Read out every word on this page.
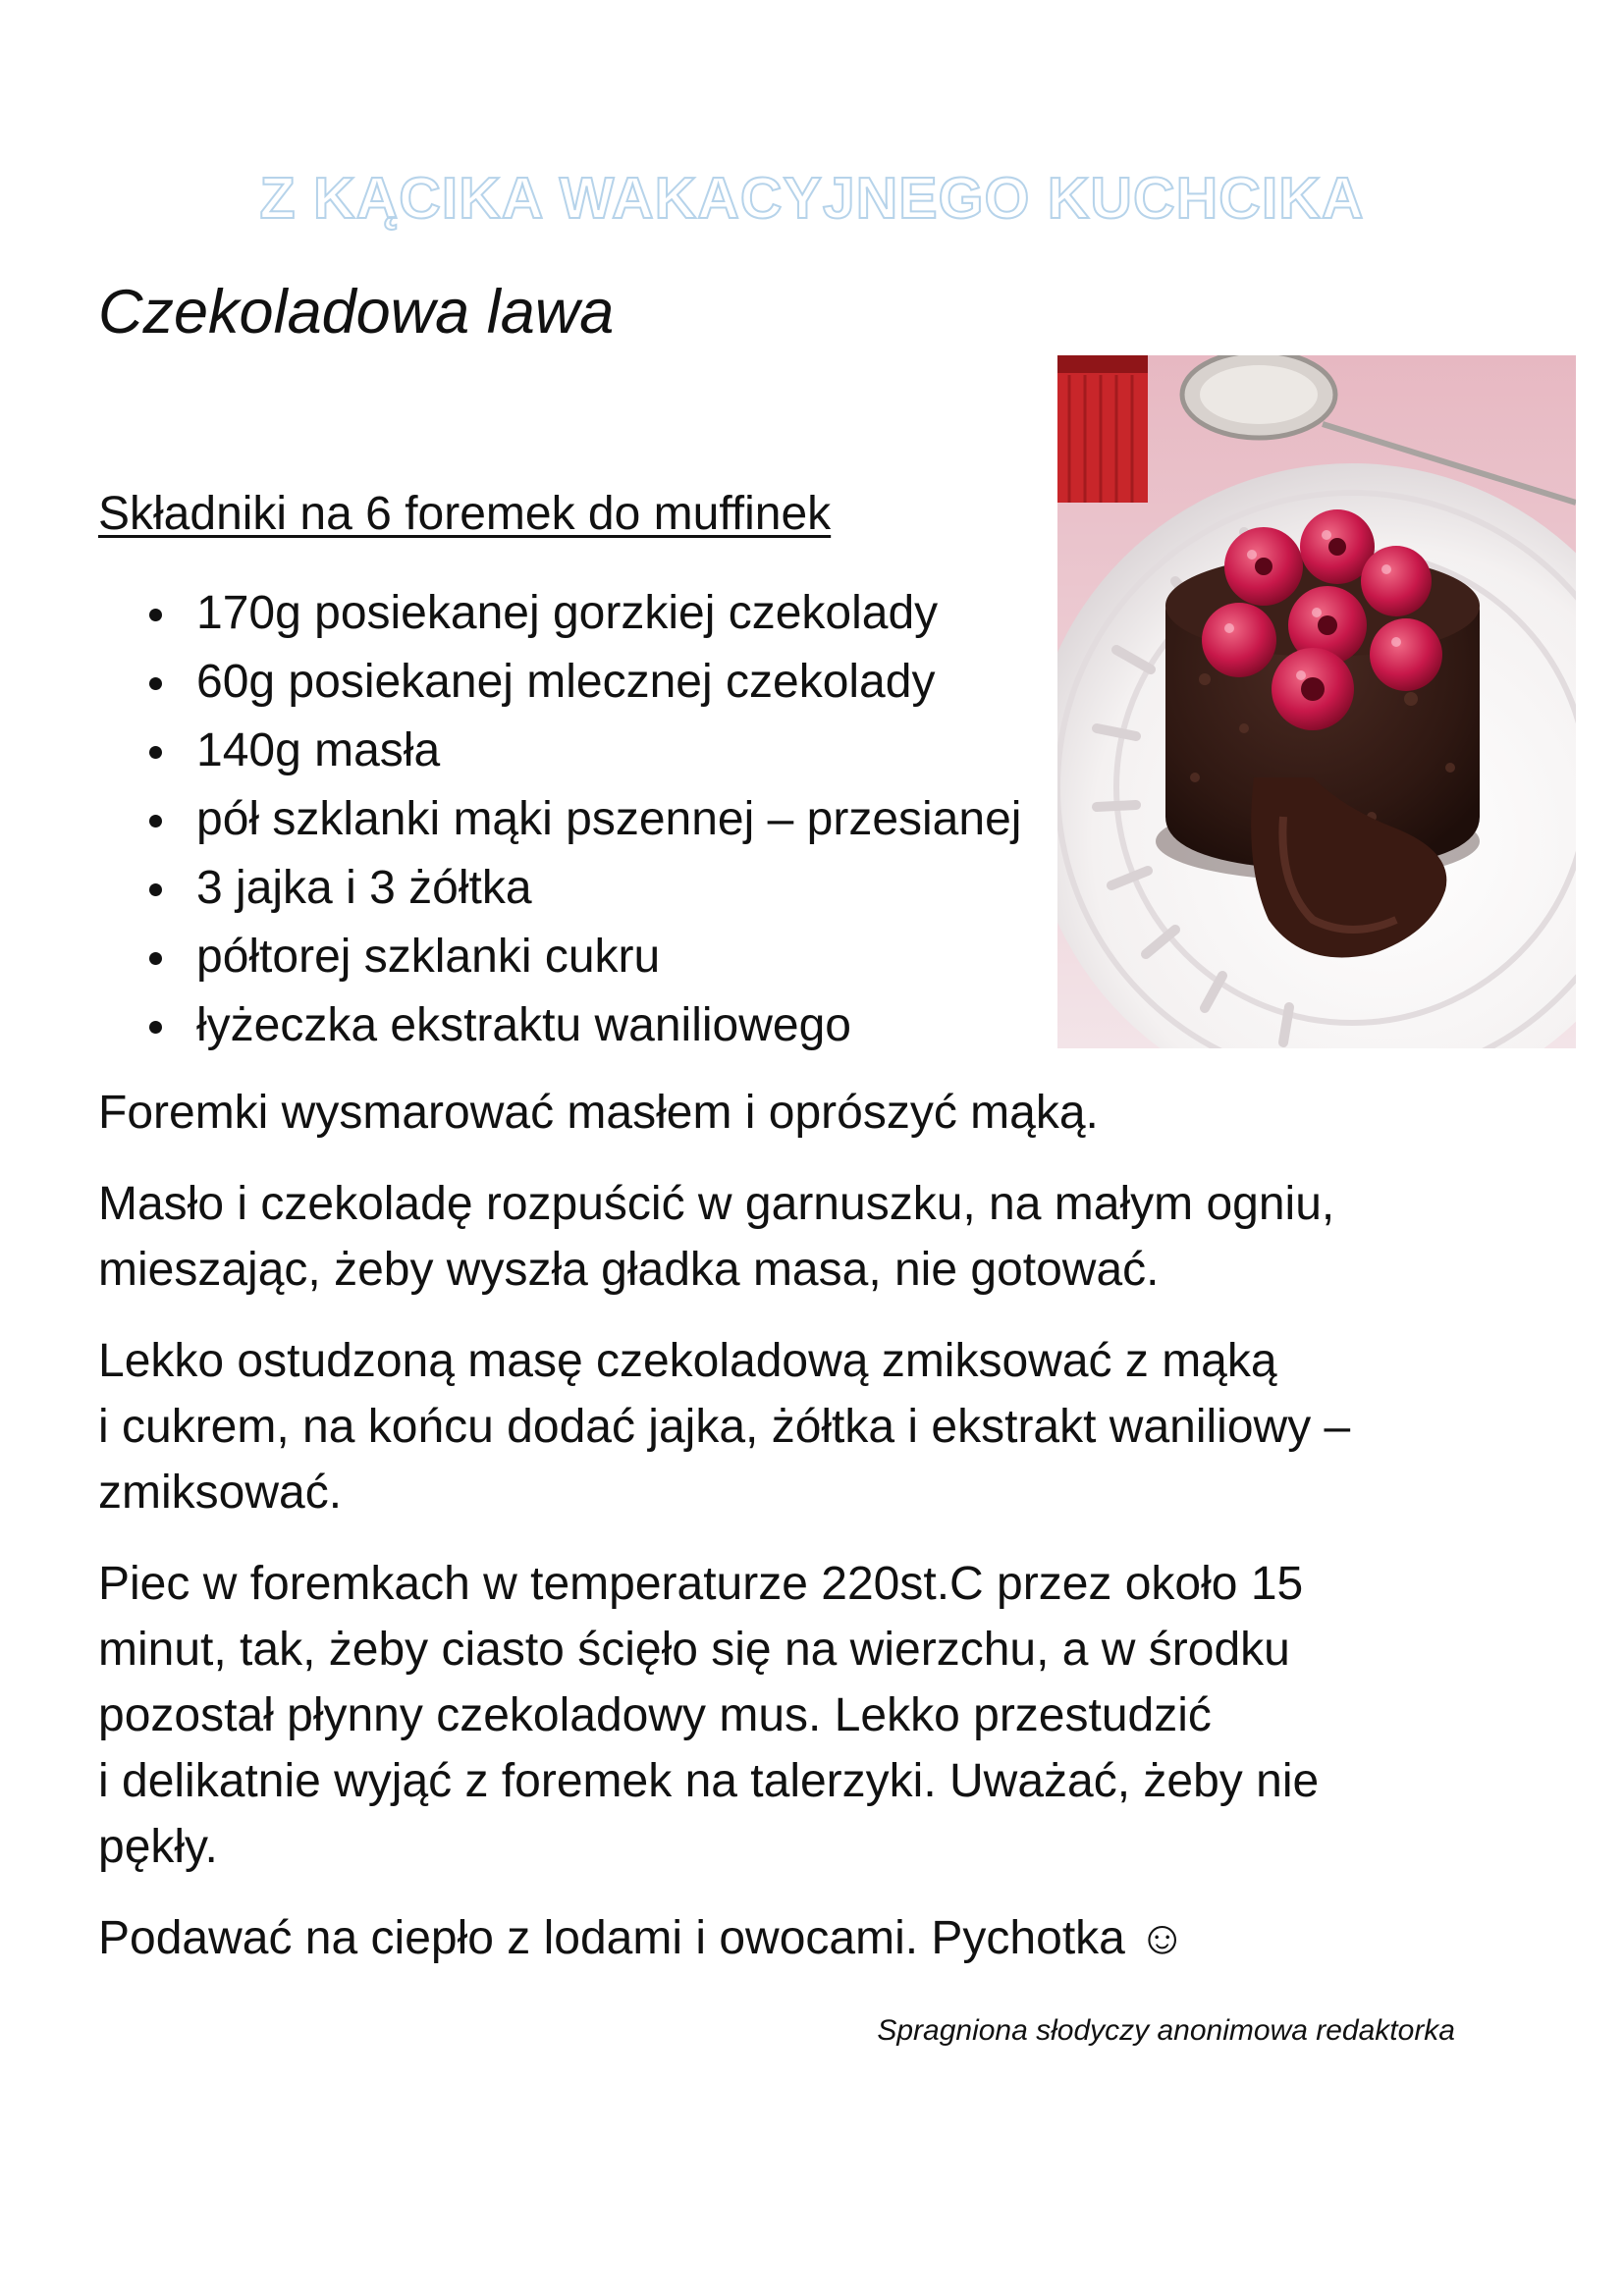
Z KĄCIKA WAKACYJNEGO KUCHCIKA
Czekoladowa lawa
Składniki na 6 foremek do muffinek
170g posiekanej gorzkiej czekolady
60g posiekanej mlecznej czekolady
140g masła
pół szklanki mąki pszennej – przesianej
3 jajka i 3 żółtka
półtorej szklanki cukru
łyżeczka ekstraktu waniliowego

Foremki wysmarować masłem i oprószyć mąką.

Masło i czekoladę rozpuścić w garnuszku, na małym ogniu,
mieszając, żeby wyszła gładka masa, nie gotować.

Lekko ostudzoną masę czekoladową zmiksować z mąką
i cukrem, na końcu dodać jajka, żółtka i ekstrakt waniliowy –
zmiksować.

Piec w foremkach w temperaturze 220st.C przez około 15
minut, tak, żeby ciasto ścięło się na wierzchu, a w środku
pozostał płynny czekoladowy mus. Lekko przestudzić
i delikatnie wyjąć z foremek na talerzyki. Uważać, żeby nie
pękły.

Podawać na ciepło z lodami i owocami. Pychotka ☺

Spragniona słodyczy anonimowa redaktorka
